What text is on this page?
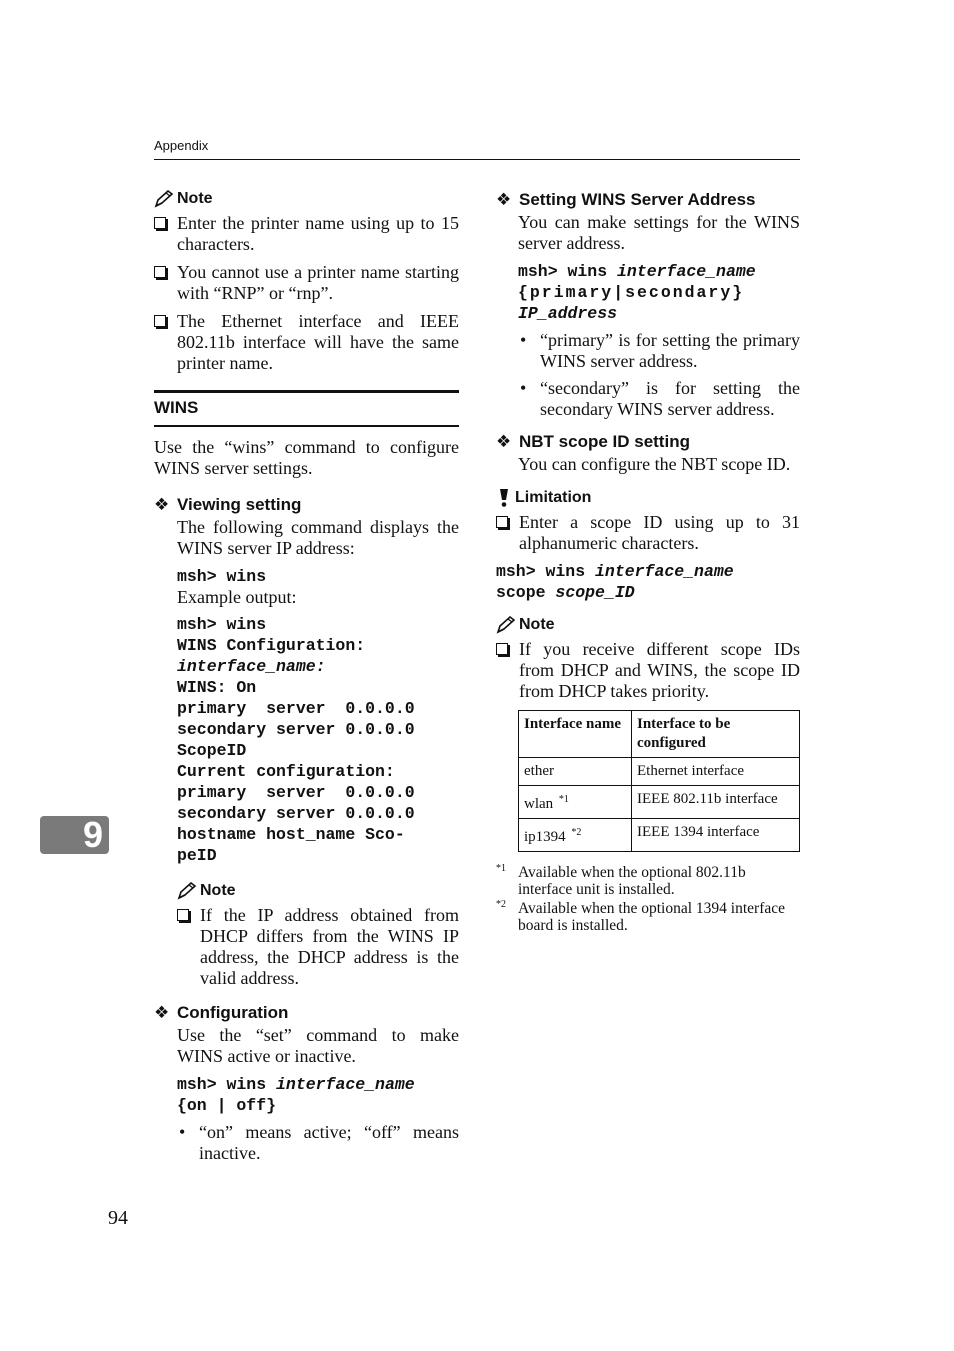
Appendix
Note
Enter the printer name using up to 15 characters.
You cannot use a printer name starting with “RNP” or “rnp”.
The Ethernet interface and IEEE 802.11b interface will have the same printer name.
WINS

Use the “wins” command to configure WINS server settings.

❖ Viewing setting

The following command displays the WINS server IP address:

msh> wins

Example output:

msh> wins

WINS Configuration:

interface_name:

WINS: On

primary  server  0.0.0.0

secondary server 0.0.0.0

ScopeID

Current configuration:

primary  server  0.0.0.0

secondary server 0.0.0.0

hostname host_name Sco-

peID

Note
If the IP address obtained from DHCP differs from the WINS IP address, the DHCP address is the valid address.
❖ Configuration

Use the “set” command to make WINS active or inactive.

msh> wins interface_name

{on | off}

• “on” means active; “off” means inactive.

❖ Setting WINS Server Address

You can make settings for the WINS server address.

msh> wins interface_name

{primary|secondary}

IP_address

• “primary” is for setting the primary WINS server address.

• “secondary” is for setting the secondary WINS server address.

❖ NBT scope ID setting

You can configure the NBT scope ID.

Limitation
Enter a scope ID using up to 31 alphanumeric characters.

msh> wins interface_name

scope scope_ID

Note
If you receive different scope IDs from DHCP and WINS, the scope ID from DHCP takes priority.
Interface name	Interface to be configured
ether	Ethernet interface
wlan $^{*1}$	IEEE 802.11b interface
ip1394 $^{*2}$	IEEE 1394 interface

*1 Available when the optional 802.11b interface unit is installed.

*2 Available when the optional 1394 interface board is installed.

9
94
